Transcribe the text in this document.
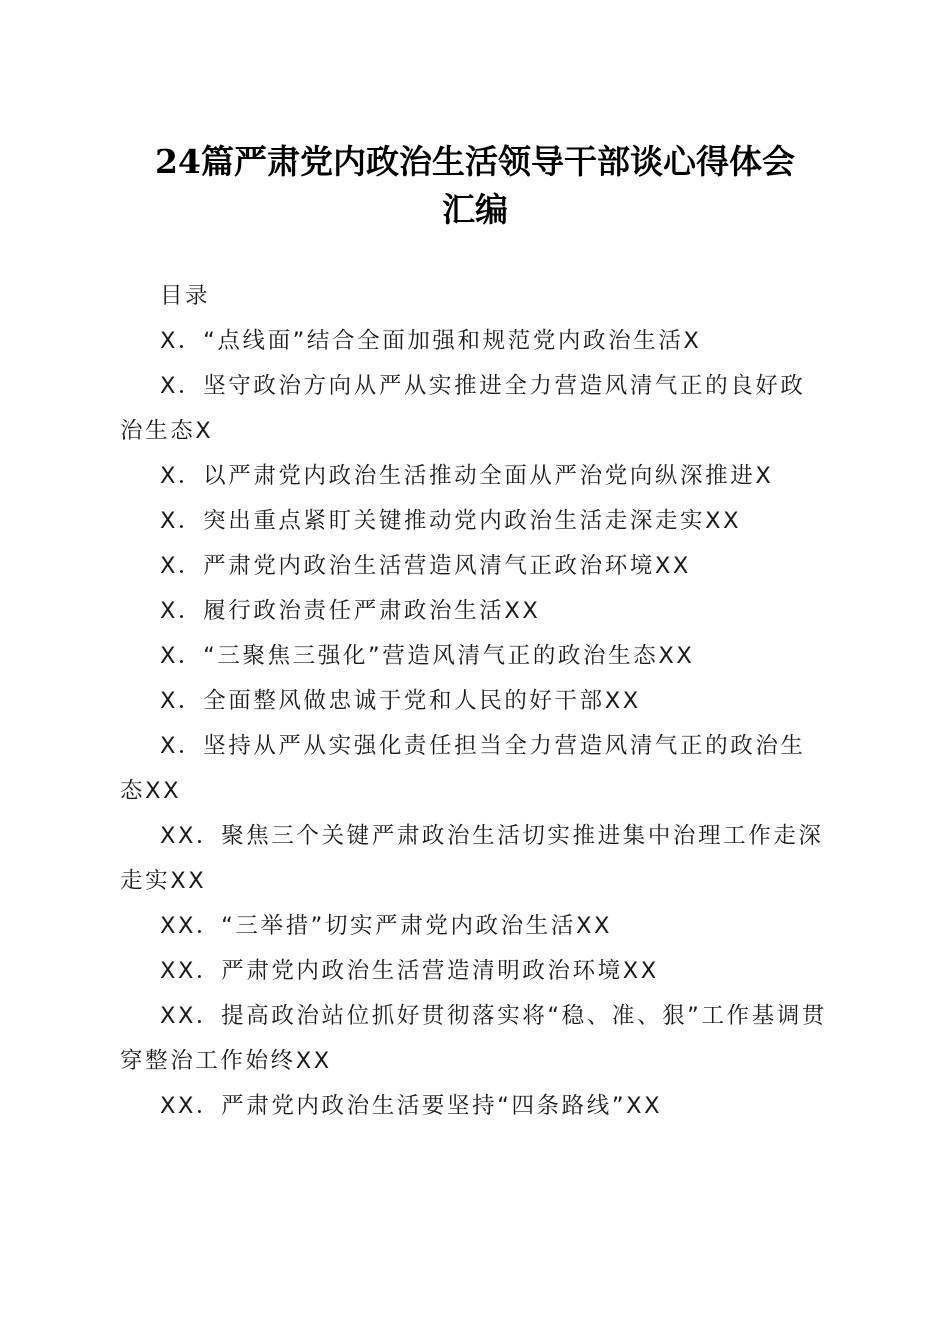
24篇严肃党内政治生活领导干部谈心得体会
汇编

目录

X．“点线面”结合全面加强和规范党内政治生活X

X．坚守政治方向从严从实推进全力营造风清气正的良好政治生态X

X．以严肃党内政治生活推动全面从严治党向纵深推进X

X．突出重点紧盯关键推动党内政治生活走深走实XX

X．严肃党内政治生活营造风清气正政治环境XX

X．履行政治责任严肃政治生活XX

X．“三聚焦三强化”营造风清气正的政治生态XX

X．全面整风做忠诚于党和人民的好干部XX

X．坚持从严从实强化责任担当全力营造风清气正的政治生态XX

XX．聚焦三个关键严肃政治生活切实推进集中治理工作走深走实XX

XX．“三举措”切实严肃党内政治生活XX

XX．严肃党内政治生活营造清明政治环境XX

XX．提高政治站位抓好贯彻落实将“稳、准、狠”工作基调贯穿整治工作始终XX

XX．严肃党内政治生活要坚持“四条路线”XX
